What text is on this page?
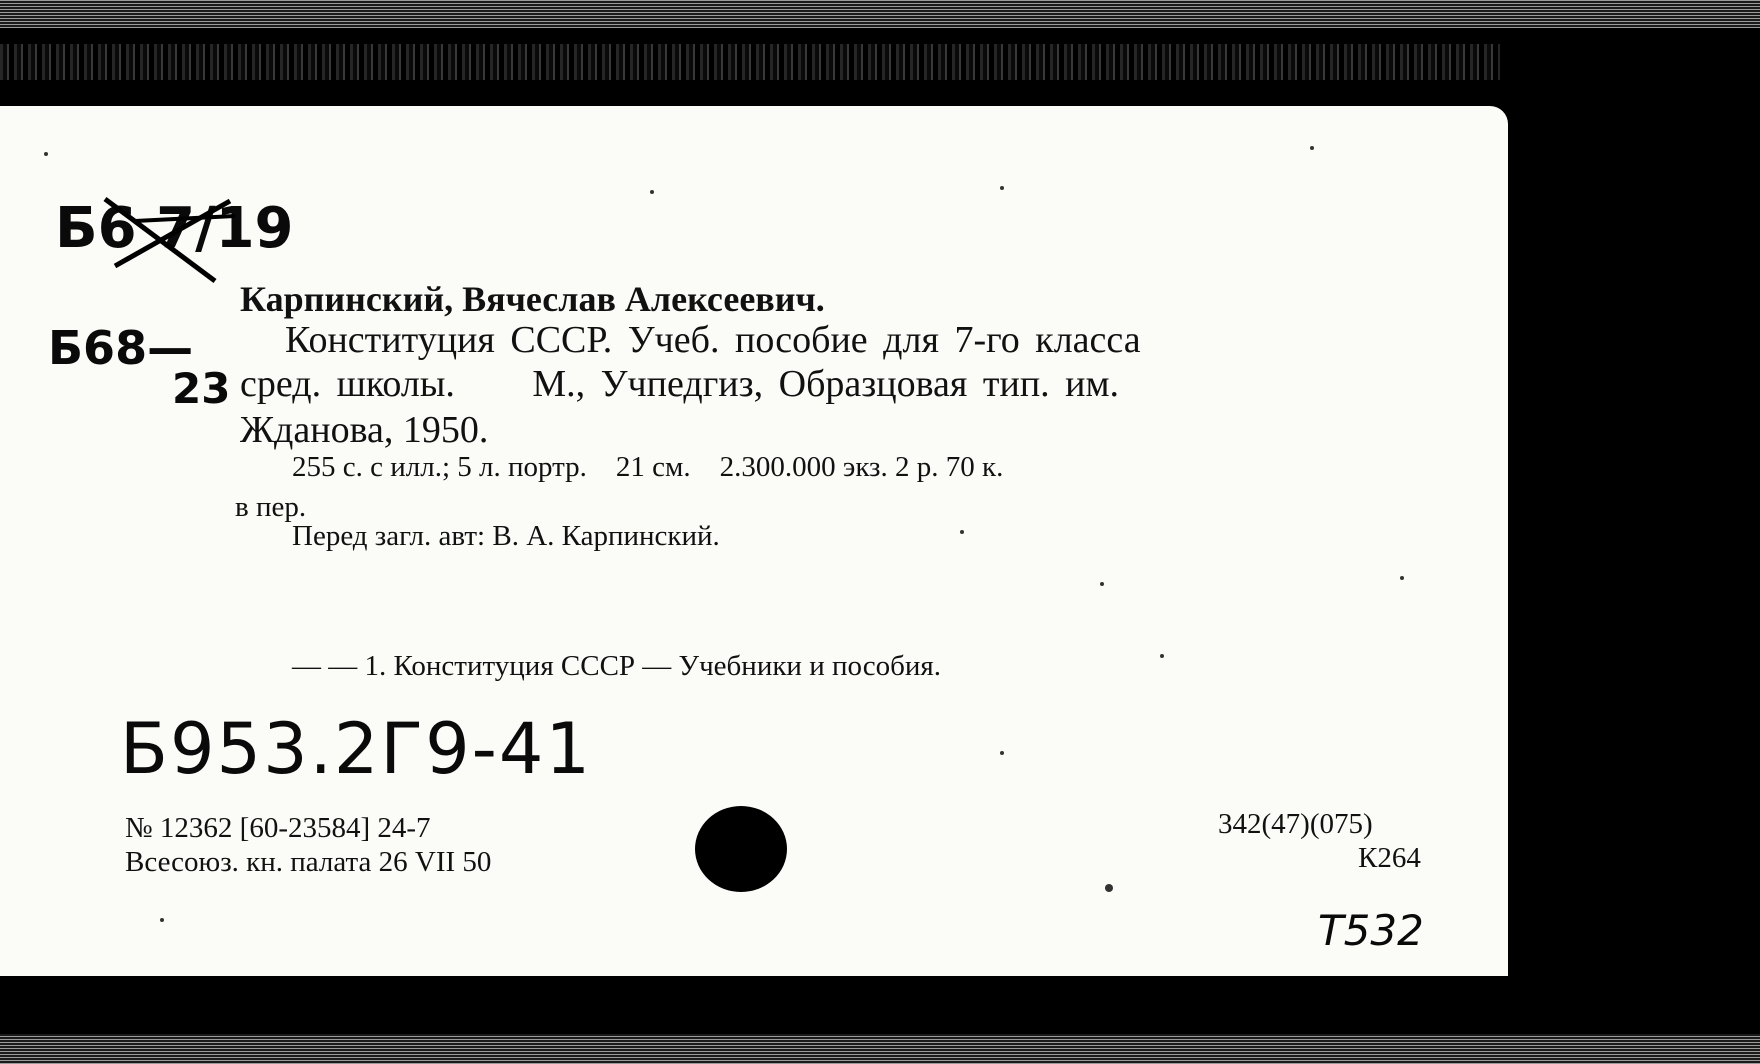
Б6 7/19
Карпинский, Вячеслав Алексеевич.
Б68—
23
Конституция СССР. Учеб. пособие для 7-го класса
сред. школы.     М., Учпедгиз, Образцовая тип. им.
Жданова, 1950.
255 с. с илл.; 5 л. портр.    21 см.    2.300.000 экз. 2 р. 70 к.
в пер.
Перед загл. авт: В. А. Карпинский.
— — 1. Конституция СССР — Учебники и пособия.
Б953.2Г9-41
№ 12362 [60-23584] 24-7
Всесоюз. кн. палата 26 VII 50
342(47)(075)
К264
Т532
